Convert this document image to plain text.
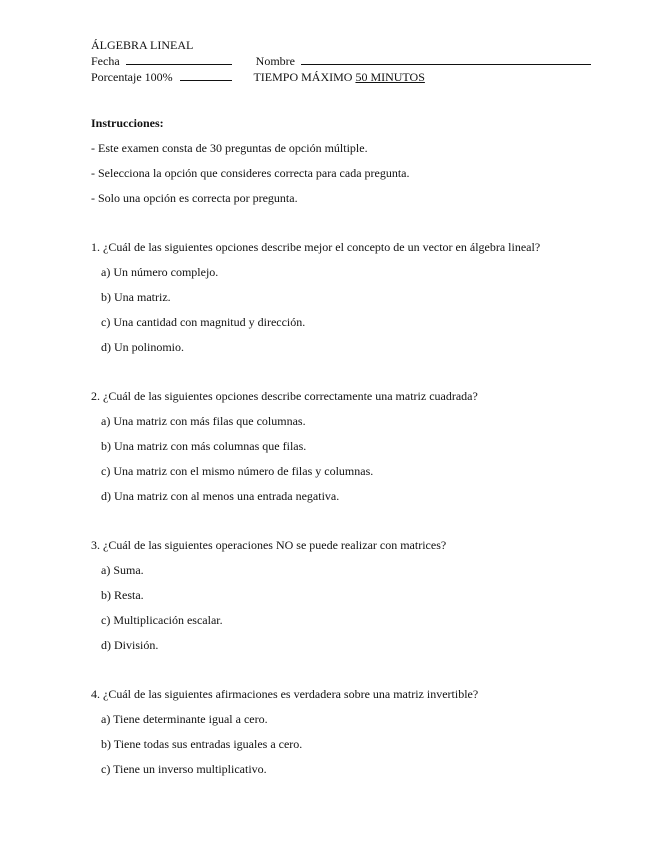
ÁLGEBRA LINEAL
Fecha	Nombre
Porcentaje 100%	TIEMPO MÁXIMO 50 MINUTOS
Instrucciones:
- Este examen consta de 30 preguntas de opción múltiple.
- Selecciona la opción que consideres correcta para cada pregunta.
- Solo una opción es correcta por pregunta.
1. ¿Cuál de las siguientes opciones describe mejor el concepto de un vector en álgebra lineal?
a) Un número complejo.
b) Una matriz.
c) Una cantidad con magnitud y dirección.
d) Un polinomio.
2. ¿Cuál de las siguientes opciones describe correctamente una matriz cuadrada?
a) Una matriz con más filas que columnas.
b) Una matriz con más columnas que filas.
c) Una matriz con el mismo número de filas y columnas.
d) Una matriz con al menos una entrada negativa.
3. ¿Cuál de las siguientes operaciones NO se puede realizar con matrices?
a) Suma.
b) Resta.
c) Multiplicación escalar.
d) División.
4. ¿Cuál de las siguientes afirmaciones es verdadera sobre una matriz invertible?
a) Tiene determinante igual a cero.
b) Tiene todas sus entradas iguales a cero.
c) Tiene un inverso multiplicativo.
